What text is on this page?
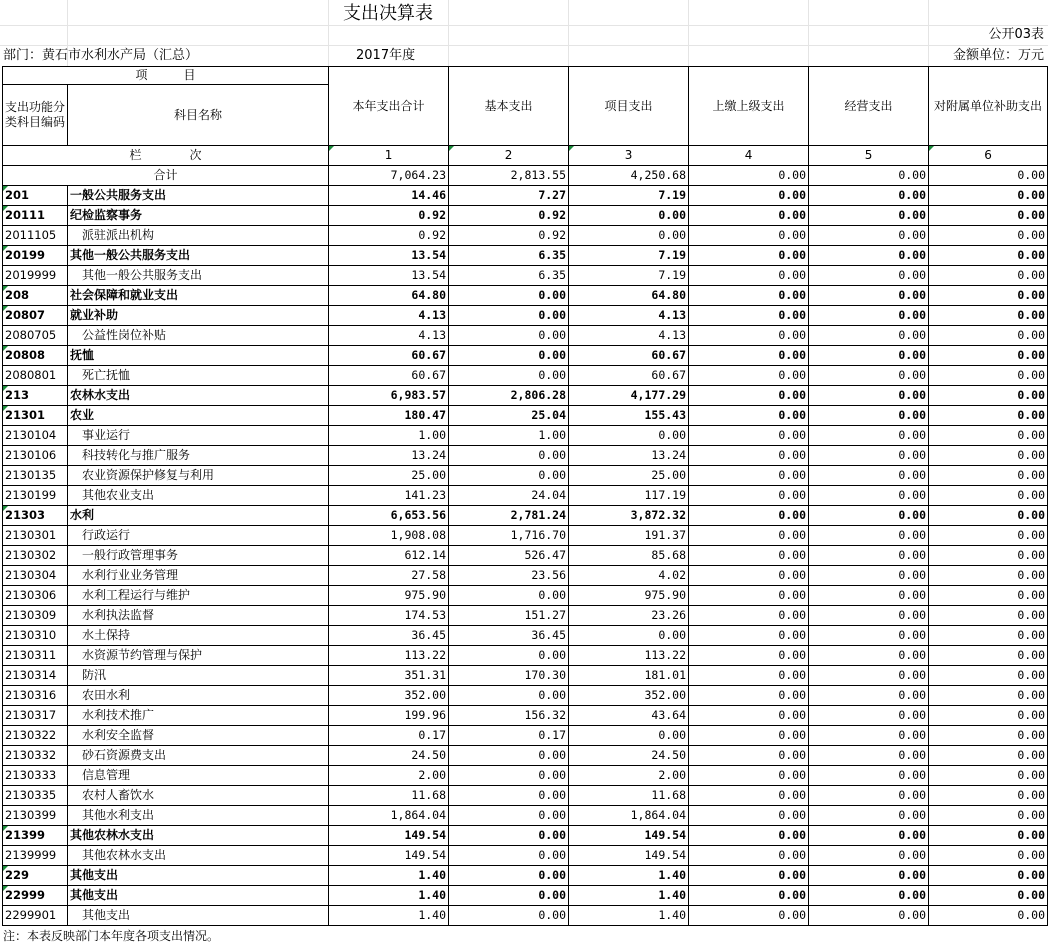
支出决算表
公开03表
部门：黄石市水利水产局（汇总）	2017年度	金额单位：万元
项　　　目		本年支出合计	基本支出	项目支出	上缴上级支出	经营支出	对附属单位补助支出
支出功能分类科目编码	科目名称						
栏　　　　次		1	2	3	4	5	6
合计		7,064.23	2,813.55	4,250.68	0.00	0.00	0.00
201	一般公共服务支出	14.46	7.27	7.19	0.00	0.00	0.00
20111	纪检监察事务	0.92	0.92	0.00	0.00	0.00	0.00
2011105	派驻派出机构	0.92	0.92	0.00	0.00	0.00	0.00
20199	其他一般公共服务支出	13.54	6.35	7.19	0.00	0.00	0.00
2019999	其他一般公共服务支出	13.54	6.35	7.19	0.00	0.00	0.00
208	社会保障和就业支出	64.80	0.00	64.80	0.00	0.00	0.00
20807	就业补助	4.13	0.00	4.13	0.00	0.00	0.00
2080705	公益性岗位补贴	4.13	0.00	4.13	0.00	0.00	0.00
20808	抚恤	60.67	0.00	60.67	0.00	0.00	0.00
2080801	死亡抚恤	60.67	0.00	60.67	0.00	0.00	0.00
213	农林水支出	6,983.57	2,806.28	4,177.29	0.00	0.00	0.00
21301	农业	180.47	25.04	155.43	0.00	0.00	0.00
2130104	事业运行	1.00	1.00	0.00	0.00	0.00	0.00
2130106	科技转化与推广服务	13.24	0.00	13.24	0.00	0.00	0.00
2130135	农业资源保护修复与利用	25.00	0.00	25.00	0.00	0.00	0.00
2130199	其他农业支出	141.23	24.04	117.19	0.00	0.00	0.00
21303	水利	6,653.56	2,781.24	3,872.32	0.00	0.00	0.00
2130301	行政运行	1,908.08	1,716.70	191.37	0.00	0.00	0.00
2130302	一般行政管理事务	612.14	526.47	85.68	0.00	0.00	0.00
2130304	水利行业业务管理	27.58	23.56	4.02	0.00	0.00	0.00
2130306	水利工程运行与维护	975.90	0.00	975.90	0.00	0.00	0.00
2130309	水利执法监督	174.53	151.27	23.26	0.00	0.00	0.00
2130310	水土保持	36.45	36.45	0.00	0.00	0.00	0.00
2130311	水资源节约管理与保护	113.22	0.00	113.22	0.00	0.00	0.00
2130314	防汛	351.31	170.30	181.01	0.00	0.00	0.00
2130316	农田水利	352.00	0.00	352.00	0.00	0.00	0.00
2130317	水利技术推广	199.96	156.32	43.64	0.00	0.00	0.00
2130322	水利安全监督	0.17	0.17	0.00	0.00	0.00	0.00
2130332	砂石资源费支出	24.50	0.00	24.50	0.00	0.00	0.00
2130333	信息管理	2.00	0.00	2.00	0.00	0.00	0.00
2130335	农村人畜饮水	11.68	0.00	11.68	0.00	0.00	0.00
2130399	其他水利支出	1,864.04	0.00	1,864.04	0.00	0.00	0.00
21399	其他农林水支出	149.54	0.00	149.54	0.00	0.00	0.00
2139999	其他农林水支出	149.54	0.00	149.54	0.00	0.00	0.00
229	其他支出	1.40	0.00	1.40	0.00	0.00	0.00
22999	其他支出	1.40	0.00	1.40	0.00	0.00	0.00
2299901	其他支出	1.40	0.00	1.40	0.00	0.00	0.00
注：本表反映部门本年度各项支出情况。
